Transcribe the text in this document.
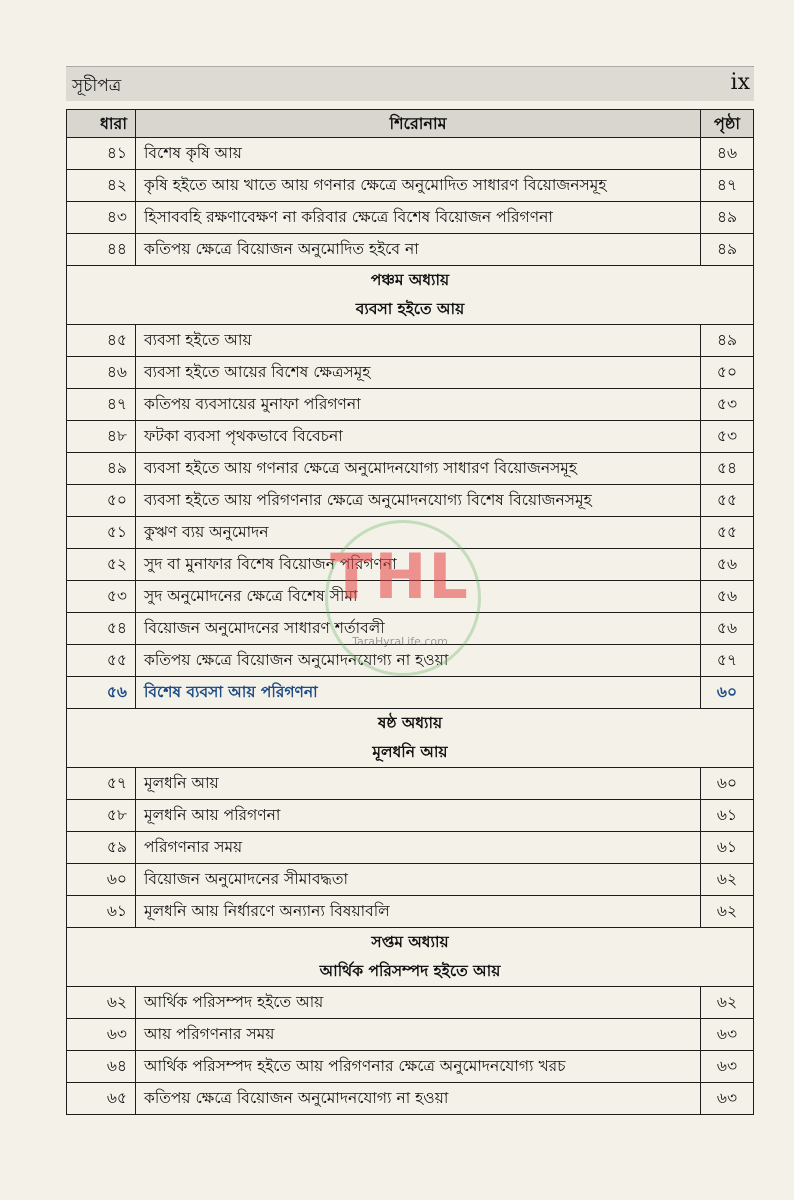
সূচীপত্র	ix
ধারা	শিরোনাম	পৃষ্ঠা
৪১	বিশেষ কৃষি আয়	৪৬
৪২	কৃষি হইতে আয় খাতে আয় গণনার ক্ষেত্রে অনুমোদিত সাধারণ বিয়োজনসমূহ	৪৭
৪৩	হিসাববহি রক্ষণাবেক্ষণ না করিবার ক্ষেত্রে বিশেষ বিয়োজন পরিগণনা	৪৯
৪৪	কতিপয় ক্ষেত্রে বিয়োজন অনুমোদিত হইবে না	৪৯
পঞ্চম অধ্যায়		
ব্যবসা হইতে আয়		
৪৫	ব্যবসা হইতে আয়	৪৯
৪৬	ব্যবসা হইতে আয়ের বিশেষ ক্ষেত্রসমূহ	৫০
৪৭	কতিপয় ব্যবসায়ের মুনাফা পরিগণনা	৫৩
৪৮	ফটকা ব্যবসা পৃথকভাবে বিবেচনা	৫৩
৪৯	ব্যবসা হইতে আয় গণনার ক্ষেত্রে অনুমোদনযোগ্য সাধারণ বিয়োজনসমূহ	৫৪
৫০	ব্যবসা হইতে আয় পরিগণনার ক্ষেত্রে অনুমোদনযোগ্য বিশেষ বিয়োজনসমূহ	৫৫
৫১	কুঋণ ব্যয় অনুমোদন	৫৫
৫২	সুদ বা মুনাফার বিশেষ বিয়োজন পরিগণনা	৫৬
৫৩	সুদ অনুমোদনের ক্ষেত্রে বিশেষ সীমা	৫৬
৫৪	বিয়োজন অনুমোদনের সাধারণ শর্তাবলী	৫৬
৫৫	কতিপয় ক্ষেত্রে বিয়োজন অনুমোদনযোগ্য না হওয়া	৫৭
৫৬	বিশেষ ব্যবসা আয় পরিগণনা	৬০
ষষ্ঠ অধ্যায়		
মূলধনি আয়		
৫৭	মূলধনি আয়	৬০
৫৮	মূলধনি আয় পরিগণনা	৬১
৫৯	পরিগণনার সময়	৬১
৬০	বিয়োজন অনুমোদনের সীমাবদ্ধতা	৬২
৬১	মূলধনি আয় নির্ধারণে অন্যান্য বিষয়াবলি	৬২
সপ্তম অধ্যায়		
আর্থিক পরিসম্পদ হইতে আয়		
৬২	আর্থিক পরিসম্পদ হইতে আয়	৬২
৬৩	আয় পরিগণনার সময়	৬৩
৬৪	আর্থিক পরিসম্পদ হইতে আয় পরিগণনার ক্ষেত্রে অনুমোদনযোগ্য খরচ	৬৩
৬৫	কতিপয় ক্ষেত্রে বিয়োজন অনুমোদনযোগ্য না হওয়া	৬৩
THL
TaraHyraLife.com
